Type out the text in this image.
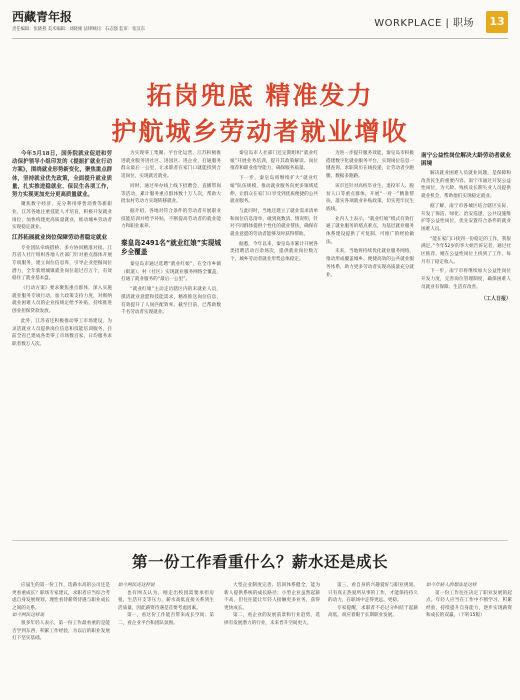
西藏青年报
责任编辑：张晓燕 美术编辑：刘晓刚 法律顾问：石志强 监审：张汉东
WORKPLACE | 职场	13
拓岗兜底 精准发力
护航城乡劳动者就业增收

今年5月18日，国务院就业促进和劳动保护领导小组印发的《提振扩就业行动方案》，围绕就业形势新变化，聚焦重点群体，坚持就业优先政策，全面提升就业质量，扎实推进稳就业、保民生各项工作，努力实现更加充分更高质量就业。

聚焦数字经济，充分利用零售消费等新职业，江苏各地注重技能人才培育，积极开发就业岗位，加快构建更高质量就业，推动城乡劳动者实现稳定就业。

江苏拓展就业岗位保障劳动者稳定就业

专业团队牵线搭桥、多方协同精准对接。江苏省人社厅组织各地人社部门针对重点群体开展专项服务，建立岗位信息库，引导企业挖掘岗位潜力，全年新增城镇就业岗位超过百万个，有效稳住了就业基本盘。

《行动方案》要求聚焦重点群体，深入实施就业服务专项行动，加大政策支持力度，对吸纳就业困难人员的企业按规定给予补贴，持续推进创业担保贷款发放。

此外，江苏省还积极推动零工市场建设，为灵活就业人员提供岗位信息和技能培训服务，目前全省已建成各类零工市场数百家，日均服务求职者数万人次。

为实现零工集聚、平台化运营，江苏积极推进就业服务进社区、进园区、进企业，打通服务群众最后一公里，让求职者在家门口就能找到合适岗位，实现就近就业。

同时，通过举办线上线下招聘会、直播带岗等活动，累计服务重点群体数十万人次，帮助大批农村劳动力实现转移就业。

据介绍，各地对符合条件的劳动者开展职业技能培训并给予补贴，不断提高劳动者的就业能力和职业素养。

秦皇岛2491名“就业红娘”实现城乡全覆盖

秦皇岛市通过选聘“就业红娘”，在全市乡镇（街道）、村（社区）实现就业服务网络全覆盖，打通了就业服务的“最后一公里”。

“就业红娘”主动走访辖区内的未就业人员，摸清就业意愿和技能需求，精准推送岗位信息，有效提升了人岗匹配效率。截至目前，已帮助数千名劳动者实现就业。

秦皇岛市人社部门还定期组织“就业红娘”开展业务培训，提升其政策解读、岗位推荐和职业指导能力，确保服务质量。

下一步，秦皇岛将继续扩大“就业红娘”队伍规模，推动就业服务向更多领域延伸，让群众在家门口享受到优质便捷的公共就业服务。

与此同时，当地还建立了就业需求清单和岗位信息清单，做到底数清、情况明，针对不同群体提供个性化的就业帮扶，确保有就业意愿的劳动者能够及时获得帮助。

据悉，今年以来，秦皇岛市累计开展各类招聘活动百余场次，提供就业岗位数万个，城乡劳动者就业形势总体稳定。

为进一步提升服务效能，秦皇岛市积极搭建数字化就业服务平台，实现岗位信息一键查询、求职简历在线投递，让劳动者少跑腿、数据多跑路。

该市还针对高校毕业生、退役军人、脱贫人口等重点群体，开展“一对一”精准帮扶，落实各项就业补贴政策，切实兜牢民生底线。

业内人士表示，“就业红娘”模式有效打通了就业服务的堵点难点，为基层就业服务体系建设提供了可复制、可推广的经验做法。

未来，当地将持续优化就业服务网络，推动形成覆盖城乡、便捷高效的公共就业服务体系，助力更多劳动者实现高质量充分就业。

南宁公益性岗位解决大龄劳动者就业困境

解决就业困难人员就业问题，是保障和改善民生的重要内容。南宁市通过开发公益性岗位，为大龄、残疾及长期失业人员提供就业机会，帮助他们实现稳定就业。

据了解，南宁市各城区结合辖区实际，开发了保洁、绿化、治安巡逻、公共设施维护等公益性岗位，优先安置符合条件的就业困难人员。

“能在家门口找到一份稳定的工作，我很满足。”今年52岁的李大姐告诉记者，通过社区推荐，她在公益性岗位上找到了工作，每月有了稳定收入。

下一步，南宁市将继续加大公益性岗位开发力度，完善岗位管理制度，确保困难人员就业有保障、生活有改善。

（工人日报）
第一份工作看重什么？薪水还是成长

应届生的第一份工作，选薪水高的公司还是更看重成长？职场专家建议，求职者应当综合考虑自身发展规划，理性看待薪资待遇与职业成长之间的关系。

如今网民这样说

很多年轻人表示，第一份工作最看重的是能否学到东西，积累工作经验，为以后的职业发展打下坚实基础。

如今网民还这样说

也有网友认为，刚走出校园需要承担房租、生活开支等压力，薪水高低直接关系到生活质量，因此薪资待遇是首要考虑因素。

第一，看这份工作能否带来成长空间；第二，看企业平台和团队氛围。

大型企业制度完善、培训体系健全，能为新人提供系统的成长路径；小型企业虽然起薪不高，但往往能让年轻人接触更多业务，获得更快成长。

第二，看企业的发展前景和行业趋势，选择有发展潜力的行业，未来晋升空间更大。

第三，看自身的兴趣爱好与职业规划。只有真正热爱所从事的工作，才能保持持久的动力，在职场中走得更远、更稳。

专家提醒，求职者不必过分纠结于起薪高低，而应着眼于长期职业发展。

如今年轻人的想法是这样

第一份工作往往决定了职业发展的起点。年轻人应当在工作中不断学习、积累经验，持续提升自身能力，逐步实现薪资和成长的双赢。（下转15版）
